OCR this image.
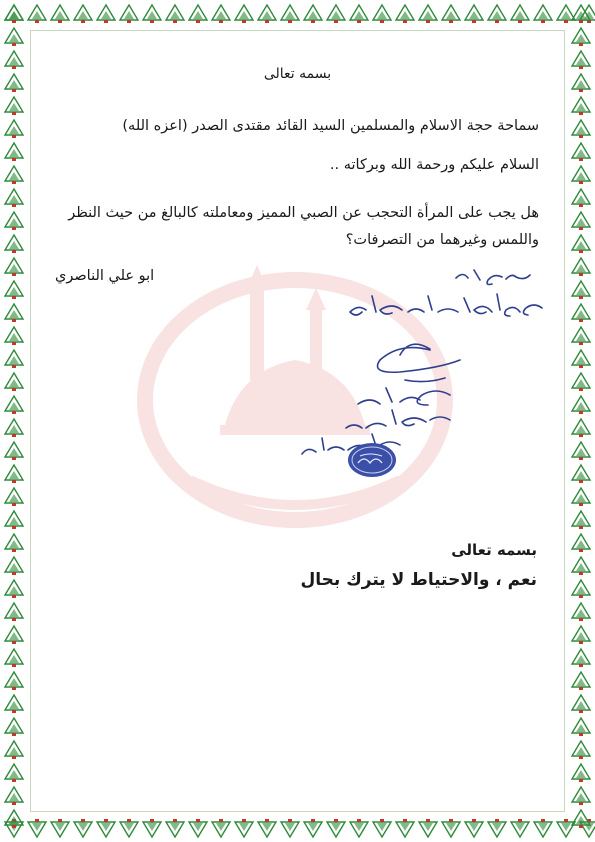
بسمه تعالى
سماحة حجة الاسلام والمسلمين السيد القائد مقتدى الصدر (اعزه الله)
السلام عليكم ورحمة الله وبركاته ..
هل يجب على المرأة التحجب عن الصبي المميز ومعاملته كالبالغ من حيث النظر واللمس وغيرهما من التصرفات؟
ابو علي الناصري
بسمه تعالى
نعم ، والاحتياط لا يترك بحال
